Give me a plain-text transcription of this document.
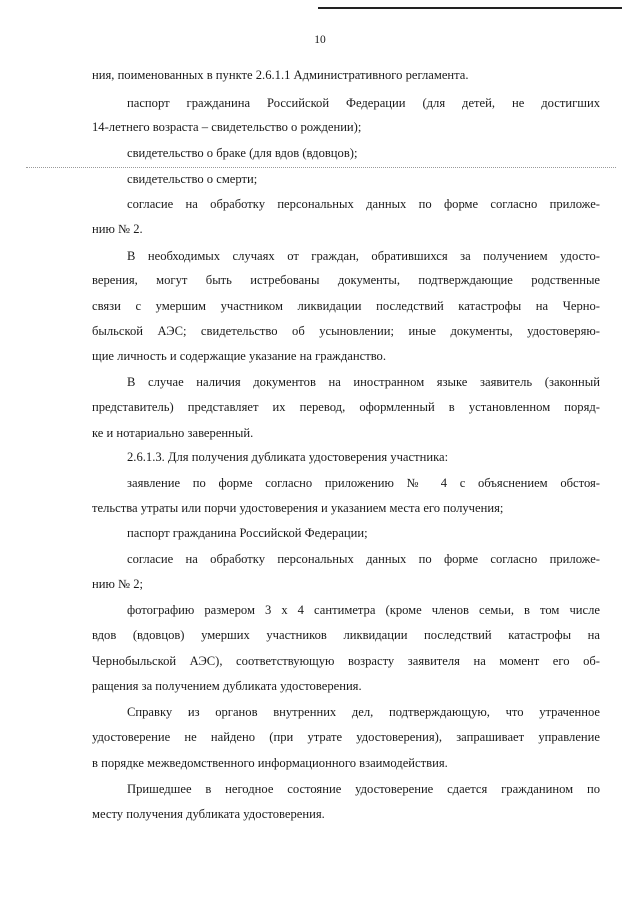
10
ния, поименованных в пункте 2.6.1.1 Административного регламента.
паспорт гражданина Российской Федерации (для детей, не достигших
14-летнего возраста – свидетельство о рождении);
свидетельство о браке (для вдов (вдовцов);
свидетельство о смерти;
согласие на обработку персональных данных по форме согласно приложе-
нию № 2.
В необходимых случаях от граждан, обратившихся за получением удосто-
верения, могут быть истребованы документы, подтверждающие родственные
связи с умершим участником ликвидации последствий катастрофы на Черно-
быльской АЭС; свидетельство об усыновлении; иные документы, удостоверяю-
щие личность и содержащие указание на гражданство.
В случае наличия документов на иностранном языке заявитель (законный
представитель) представляет их перевод, оформленный в установленном поряд-
ке и нотариально заверенный.
2.6.1.3. Для получения дубликата удостоверения участника:
заявление по форме согласно приложению № 4 с объяснением обстоя-
тельства утраты или порчи удостоверения и указанием места его получения;
паспорт гражданина Российской Федерации;
согласие на обработку персональных данных по форме согласно приложе-
нию № 2;
фотографию размером 3 х 4 сантиметра (кроме членов семьи, в том числе
вдов (вдовцов) умерших участников ликвидации последствий катастрофы на
Чернобыльской АЭС), соответствующую возрасту заявителя на момент его об-
ращения за получением дубликата удостоверения.
Справку из органов внутренних дел, подтверждающую, что утраченное
удостоверение не найдено (при утрате удостоверения), запрашивает управление
в порядке межведомственного информационного взаимодействия.
Пришедшее в негодное состояние удостоверение сдается гражданином по
месту получения дубликата удостоверения.
